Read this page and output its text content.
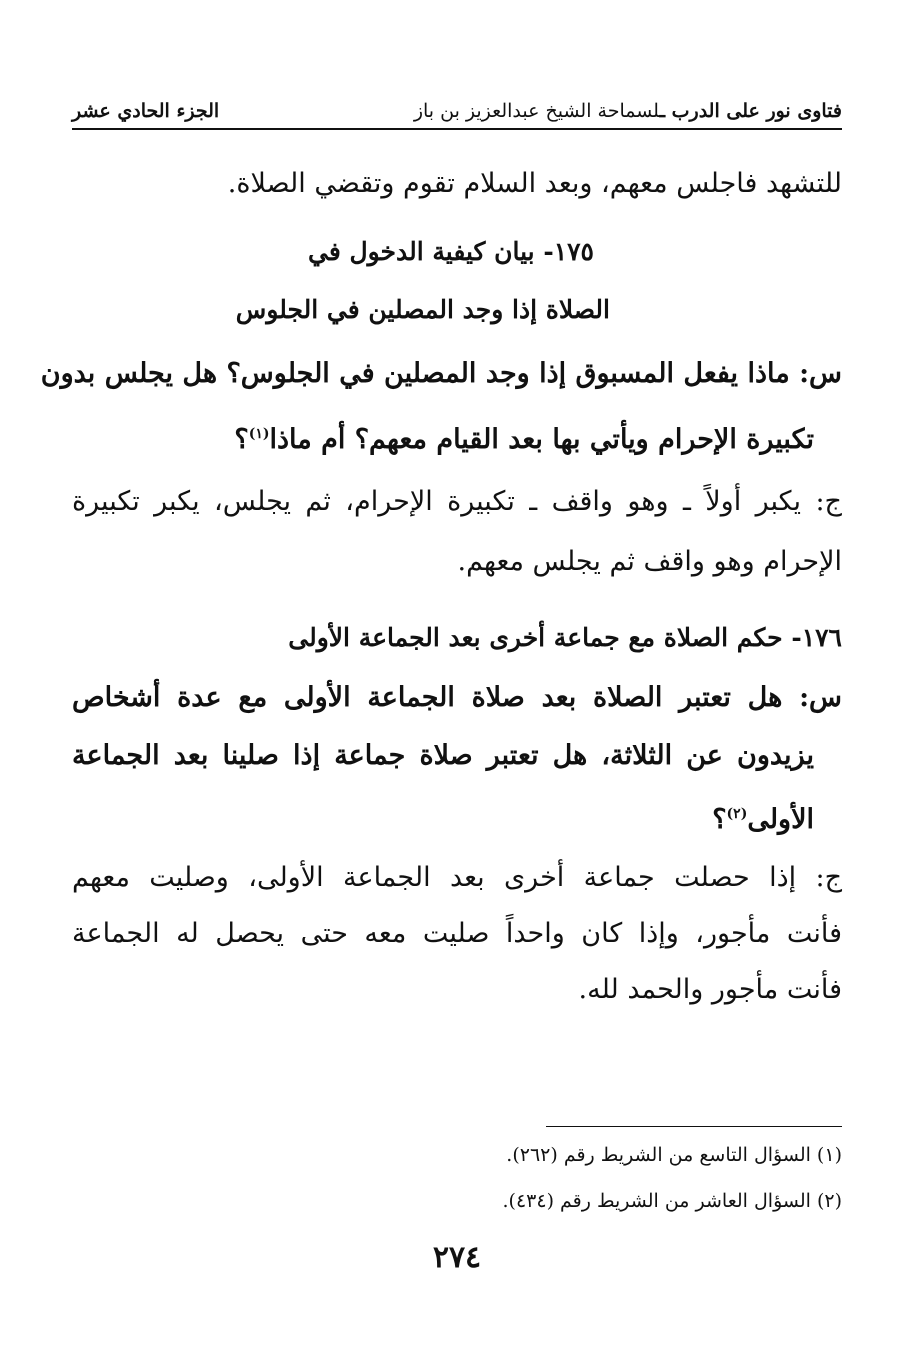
فتاوى نور على الدرب ـلسماحة الشيخ عبدالعزيز بن باز
الجزء الحادي عشر
للتشهد فاجلس معهم، وبعد السلام تقوم وتقضي الصلاة.
١٧٥- بيان كيفية الدخول في
الصلاة إذا وجد المصلين في الجلوس
س: ماذا يفعل المسبوق إذا وجد المصلين في الجلوس؟ هل يجلس بدون
تكبيرة الإحرام ويأتي بها بعد القيام معهم؟ أم ماذا$^{(١)}$؟
ج: يكبر أولاً ـ وهو واقف ـ تكبيرة الإحرام، ثم يجلس، يكبر تكبيرة
الإحرام وهو واقف ثم يجلس معهم.
١٧٦- حكم الصلاة مع جماعة أخرى بعد الجماعة الأولى
س: هل تعتبر الصلاة بعد صلاة الجماعة الأولى مع عدة أشخاص
يزيدون عن الثلاثة، هل تعتبر صلاة جماعة إذا صلينا بعد الجماعة
الأولى$^{(٢)}$؟
ج: إذا حصلت جماعة أخرى بعد الجماعة الأولى، وصليت معهم
فأنت مأجور، وإذا كان واحداً صليت معه حتى يحصل له الجماعة
فأنت مأجور والحمد لله.
(١) السؤال التاسع من الشريط رقم (٢٦٢).
(٢) السؤال العاشر من الشريط رقم (٤٣٤).
٢٧٤
